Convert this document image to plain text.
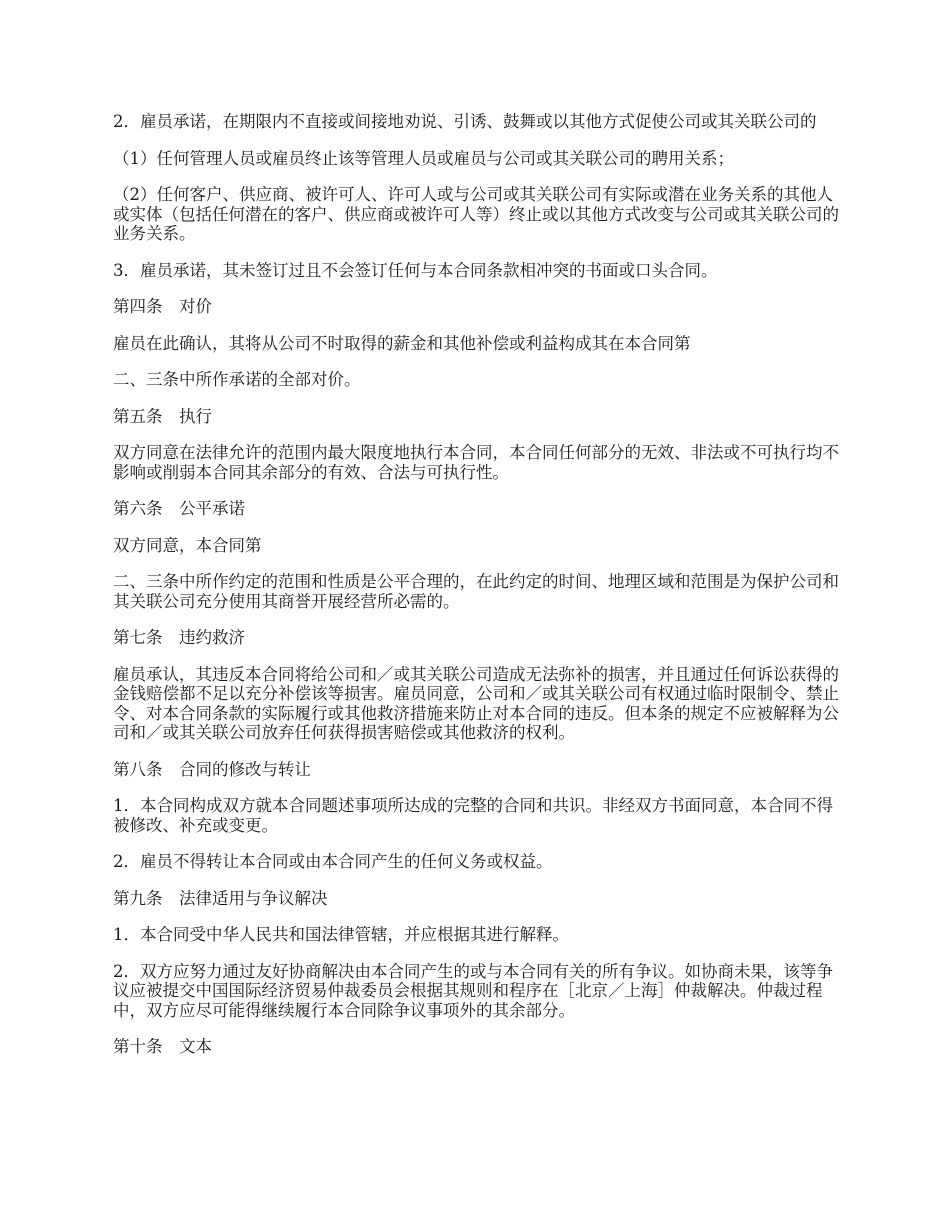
2．雇员承诺，在期限内不直接或间接地劝说、引诱、鼓舞或以其他方式促使公司或其关联公司的

（1）任何管理人员或雇员终止该等管理人员或雇员与公司或其关联公司的聘用关系；

（2）任何客户、供应商、被许可人、许可人或与公司或其关联公司有实际或潜在业务关系的其他人或实体（包括任何潜在的客户、供应商或被许可人等）终止或以其他方式改变与公司或其关联公司的业务关系。

3．雇员承诺，其未签订过且不会签订任何与本合同条款相冲突的书面或口头合同。

第四条　对价

雇员在此确认，其将从公司不时取得的薪金和其他补偿或利益构成其在本合同第

二、三条中所作承诺的全部对价。

第五条　执行

双方同意在法律允许的范围内最大限度地执行本合同，本合同任何部分的无效、非法或不可执行均不影响或削弱本合同其余部分的有效、合法与可执行性。

第六条　公平承诺

双方同意，本合同第

二、三条中所作约定的范围和性质是公平合理的，在此约定的时间、地理区域和范围是为保护公司和其关联公司充分使用其商誉开展经营所必需的。

第七条　违约救济

雇员承认，其违反本合同将给公司和／或其关联公司造成无法弥补的损害，并且通过任何诉讼获得的金钱赔偿都不足以充分补偿该等损害。雇员同意，公司和／或其关联公司有权通过临时限制令、禁止令、对本合同条款的实际履行或其他救济措施来防止对本合同的违反。但本条的规定不应被解释为公司和／或其关联公司放弃任何获得损害赔偿或其他救济的权利。

第八条　合同的修改与转让

1．本合同构成双方就本合同题述事项所达成的完整的合同和共识。非经双方书面同意，本合同不得被修改、补充或变更。

2．雇员不得转让本合同或由本合同产生的任何义务或权益。

第九条　法律适用与争议解决

1．本合同受中华人民共和国法律管辖，并应根据其进行解释。

2．双方应努力通过友好协商解决由本合同产生的或与本合同有关的所有争议。如协商未果，该等争议应被提交中国国际经济贸易仲裁委员会根据其规则和程序在［北京／上海］仲裁解决。仲裁过程中，双方应尽可能得继续履行本合同除争议事项外的其余部分。

第十条　文本
